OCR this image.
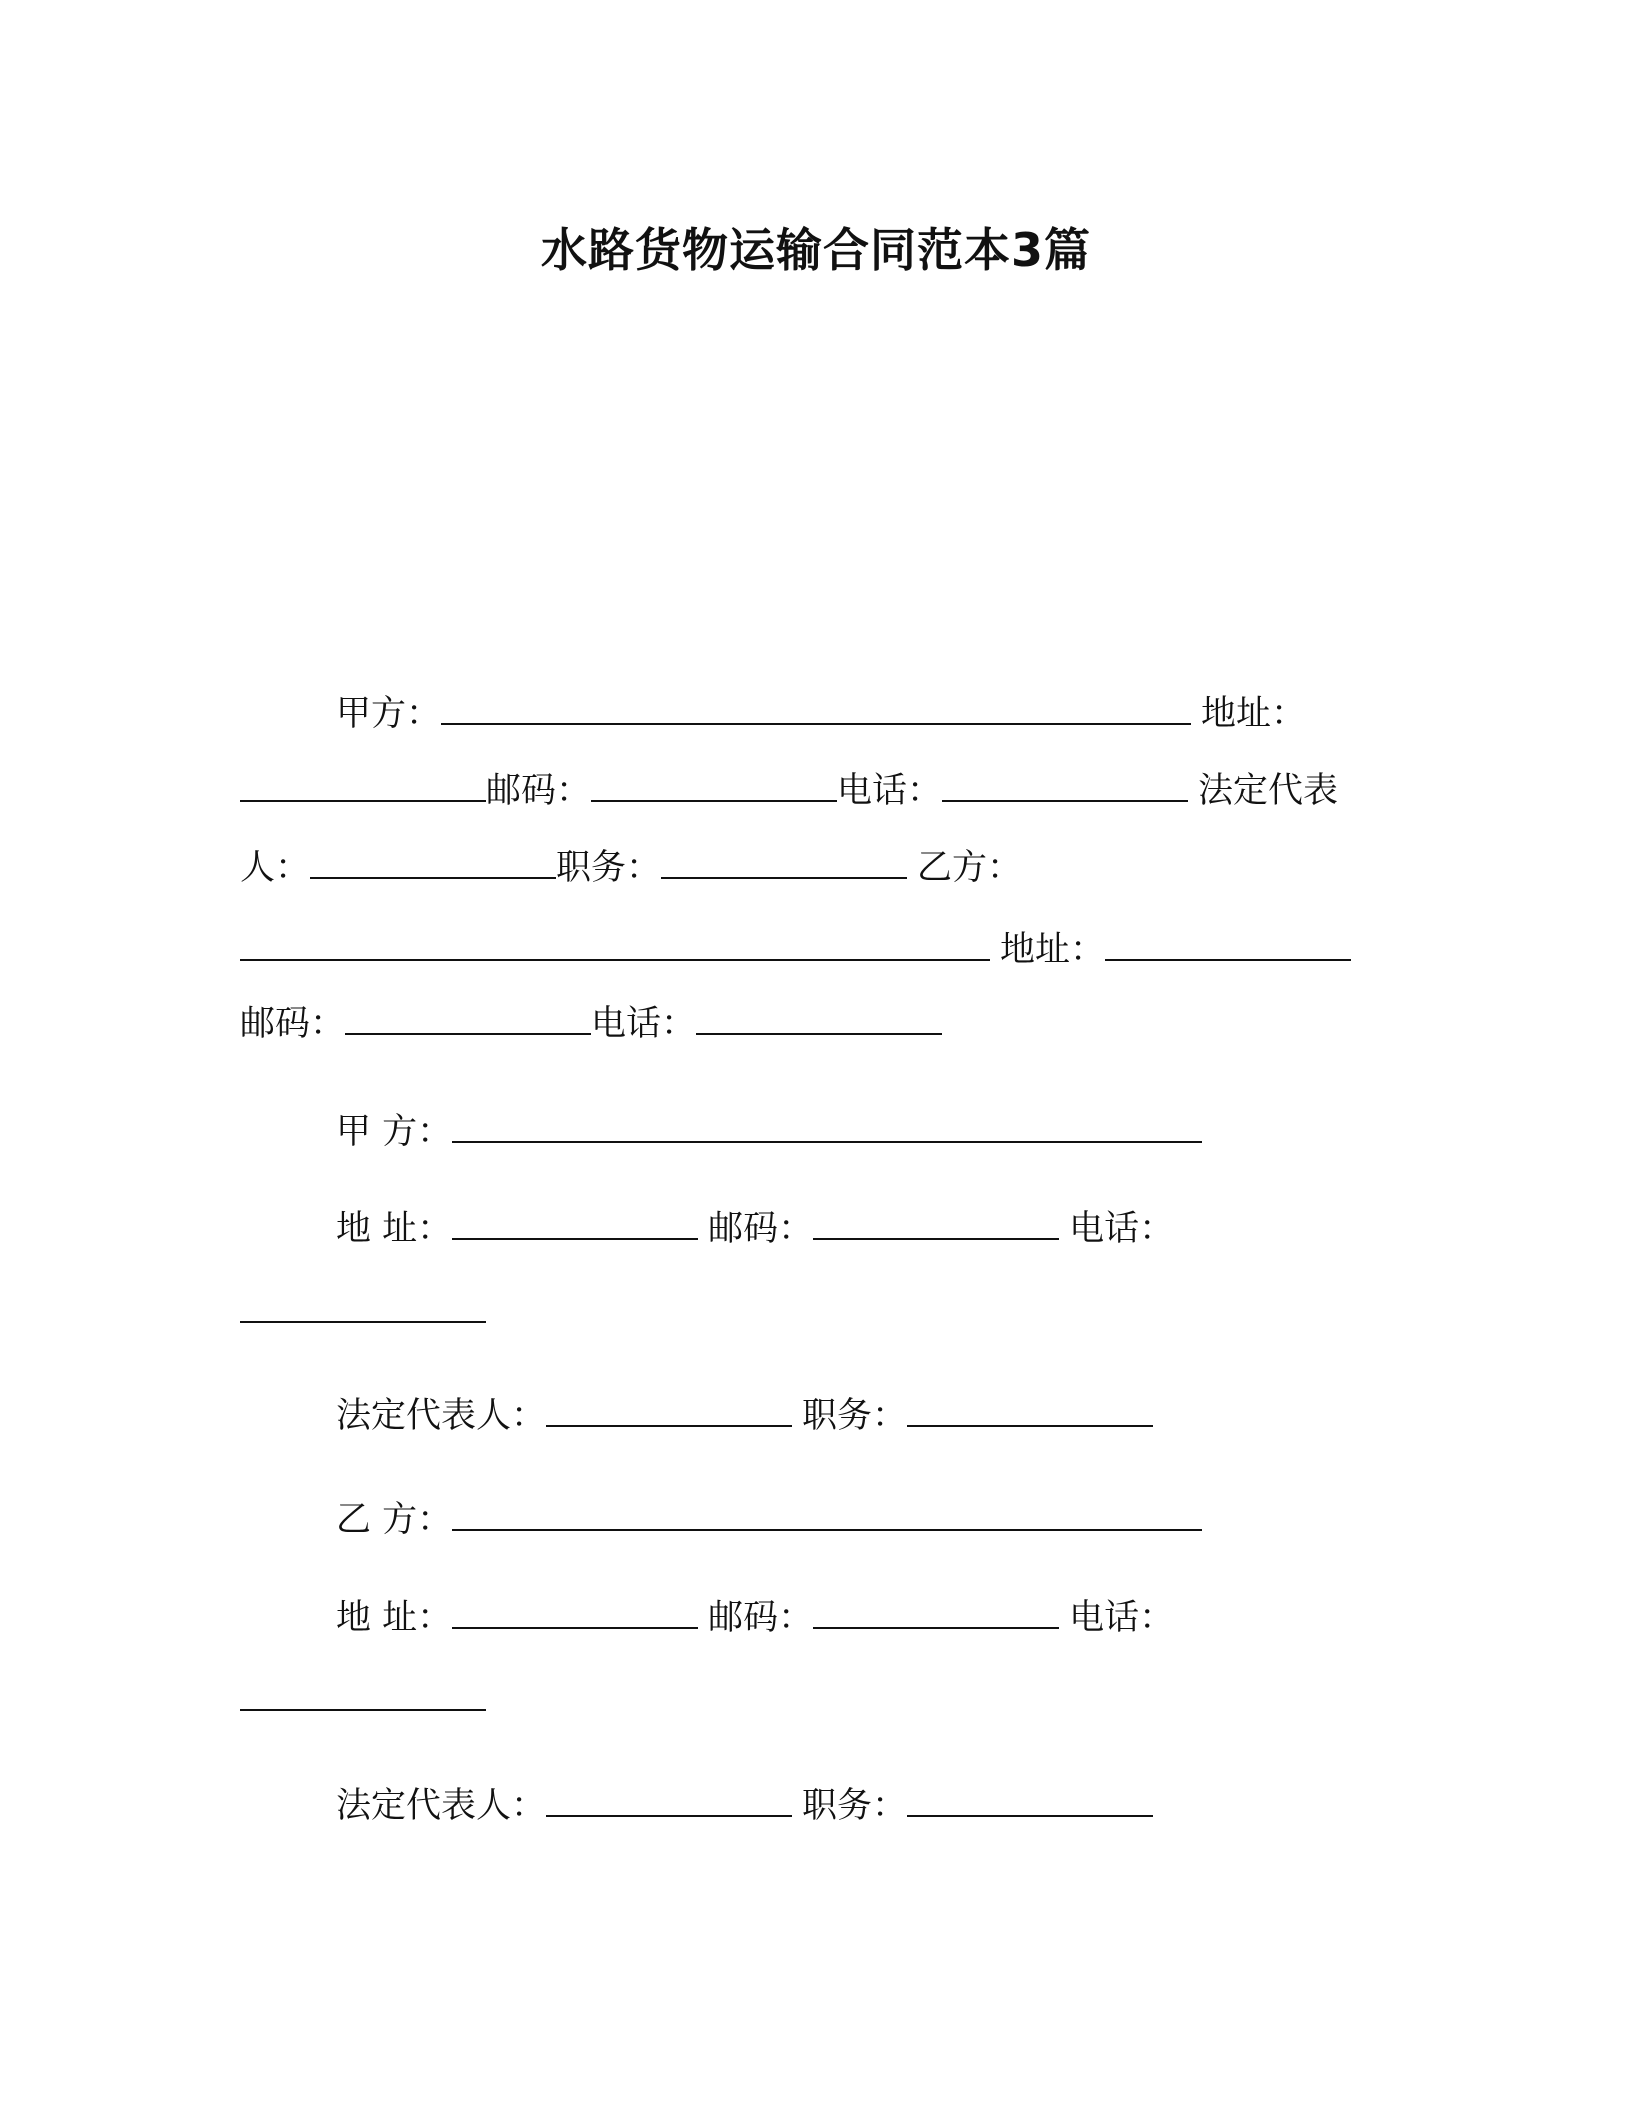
水路货物运输合同范本3篇
甲方：	地址：
邮码：	电话：	法定代表
人：	职务：	乙方：
地址：
邮码：	电话：
甲 方：
地 址：	邮码：	电话：
法定代表人：	职务：
乙 方：
地 址：	邮码：	电话：
法定代表人：	职务：
